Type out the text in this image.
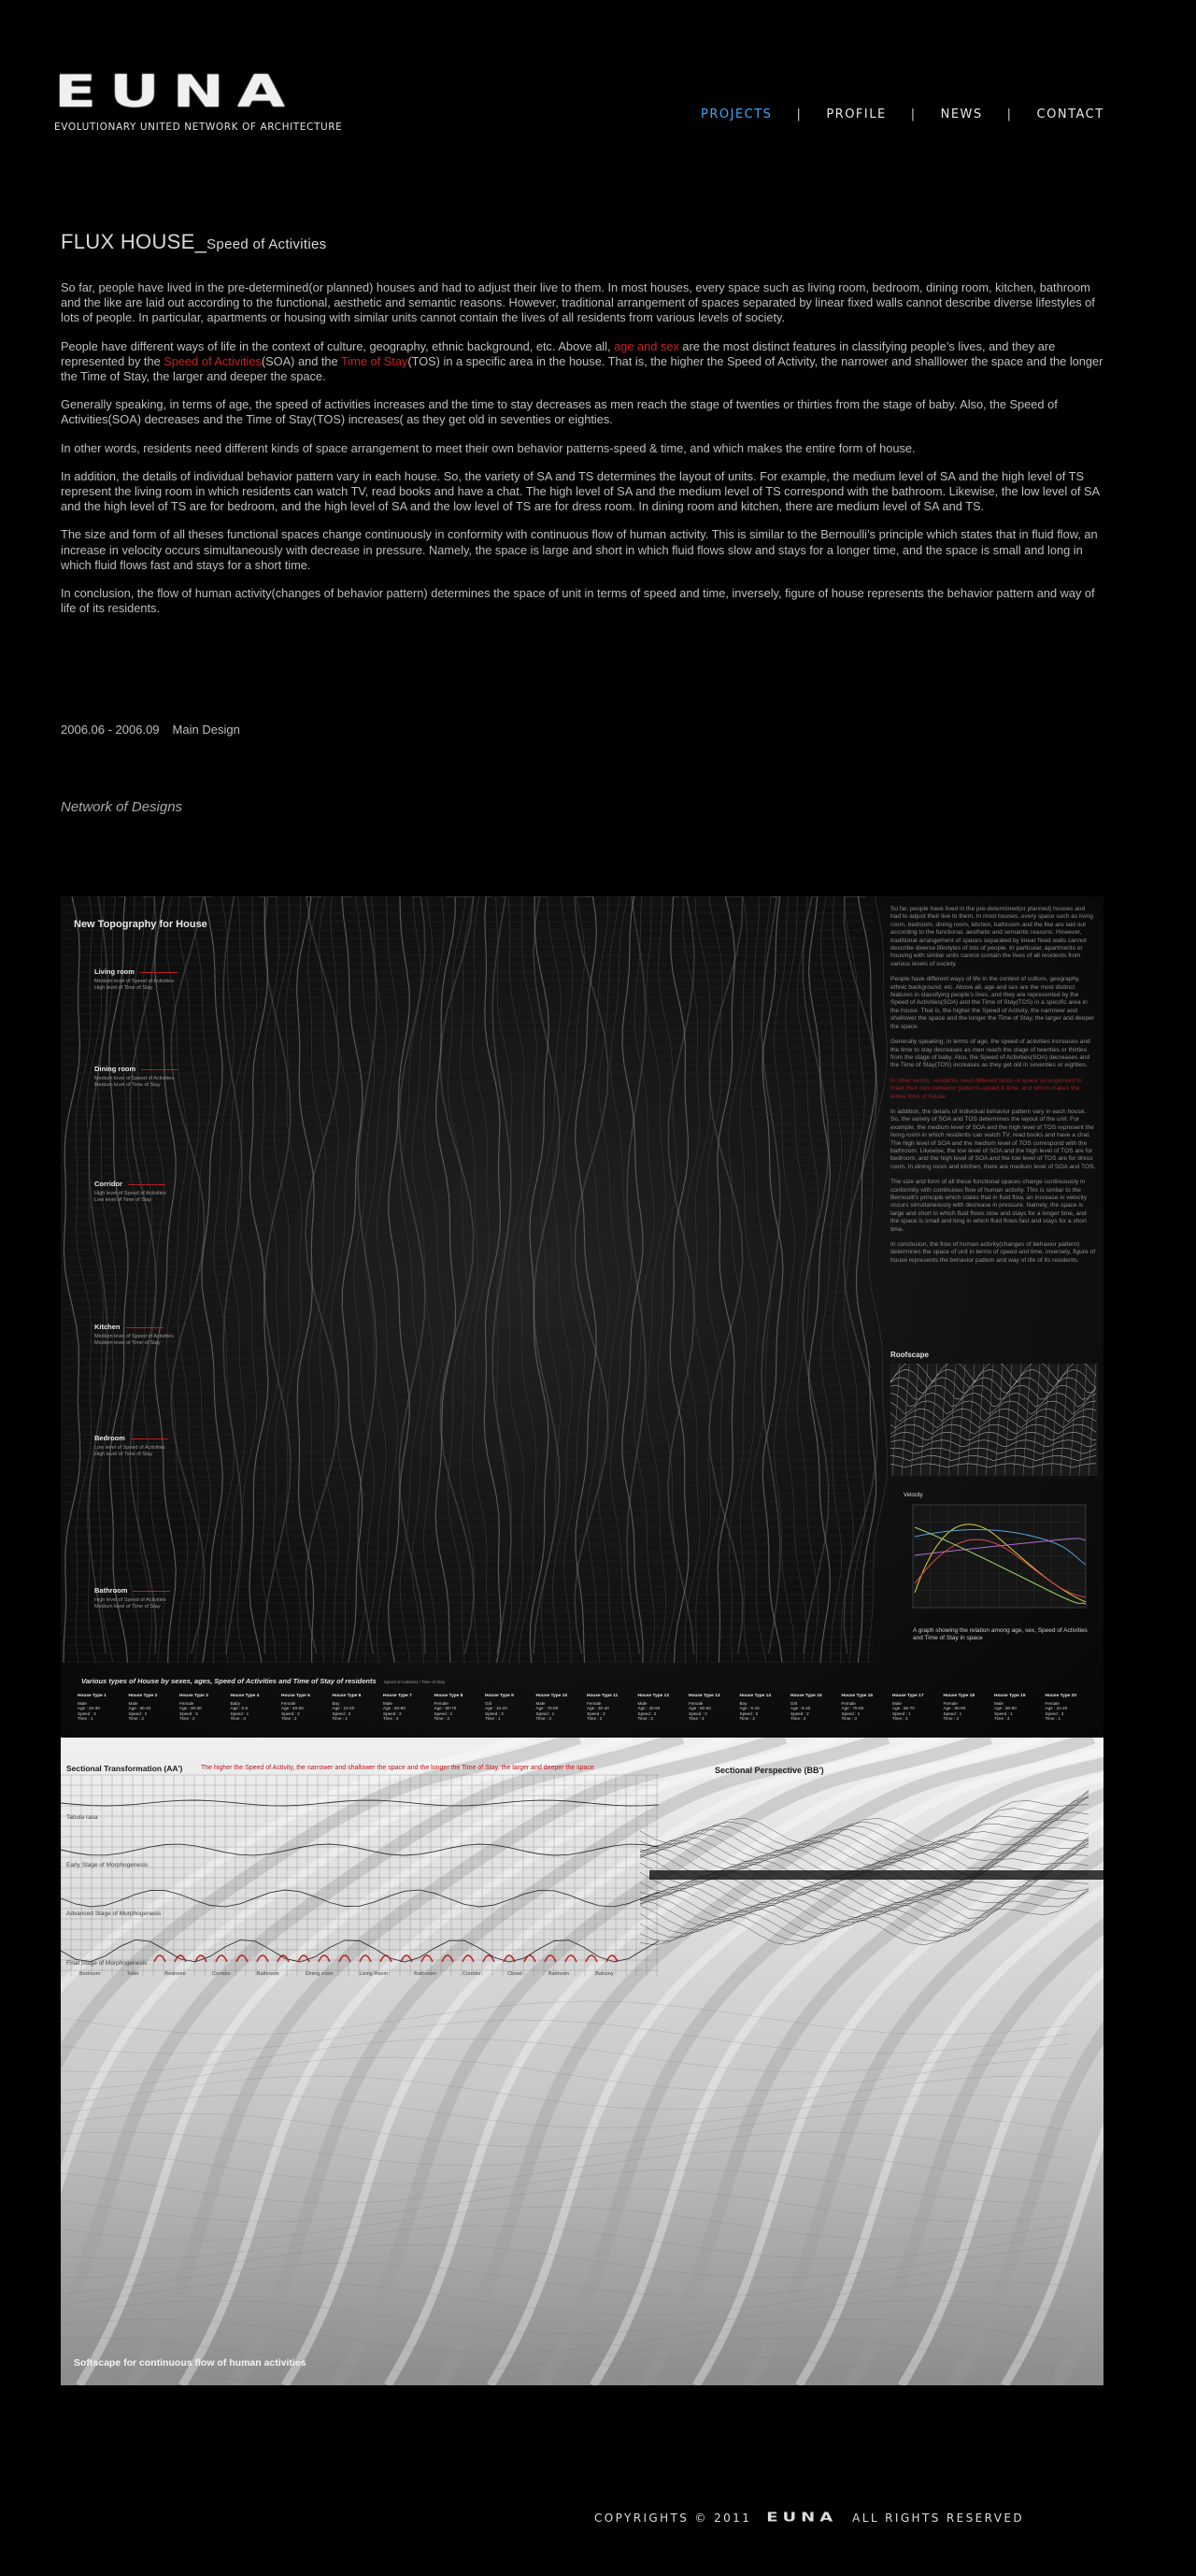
EUNA
EVOLUTIONARY UNITED NETWORK OF ARCHITECTURE
PROJECTS | PROFILE | NEWS | CONTACT
FLUX HOUSE_Speed of Activities

So far, people have lived in the pre-determined(or planned) houses and had to adjust their live to them. In most houses, every space such as living room, bedroom, dining room, kitchen, bathroom and the like are laid out according to the functional, aesthetic and semantic reasons. However, traditional arrangement of spaces separated by linear fixed walls cannot describe diverse lifestyles of lots of people. In particular, apartments or housing with similar units cannot contain the lives of all residents from various levels of society.

People have different ways of life in the context of culture, geography, ethnic background, etc. Above all, age and sex are the most distinct features in classifying people’s lives, and they are represented by the Speed of Activities(SOA) and the Time of Stay(TOS) in a specific area in the house. That is, the higher the Speed of Activity, the narrower and shalllower the space and the longer the Time of Stay, the larger and deeper the space.

Generally speaking, in terms of age, the speed of activities increases and the time to stay decreases as men reach the stage of twenties or thirties from the stage of baby. Also, the Speed of Activities(SOA) decreases and the Time of Stay(TOS) increases( as they get old in seventies or eighties.

In other words, residents need different kinds of space arrangement to meet their own behavior patterns-speed & time, and which makes the entire form of house.

In addition, the details of individual behavior pattern vary in each house. So, the variety of SA and TS determines the layout of units. For example, the medium level of SA and the high level of TS represent the living room in which residents can watch TV, read books and have a chat. The high level of SA and the medium level of TS correspond with the bathroom. Likewise, the low level of SA and the high level of TS are for bedroom, and the high level of SA and the low level of TS are for dress room. In dining room and kitchen, there are medium level of SA and TS.

The size and form of all theses functional spaces change continuously in conformity with continuous flow of human activity. This is similar to the Bernoulli’s principle which states that in fluid flow, an increase in velocity occurs simultaneously with decrease in pressure. Namely, the space is large and short in which fluid flows slow and stays for a longer time, and the space is small and long in which fluid flows fast and stays for a short time.

In conclusion, the flow of human activity(changes of behavior pattern) determines the space of unit in terms of speed and time, inversely, figure of house represents the behavior pattern and way of life of its residents.

2006.06 - 2006.09 Main Design
Network of Designs
New Topography for House
Living room
Medium level of Speed of Activities
High level of Time of Stay
Dining room
Medium level of Speed of Activities
Medium level of Time of Stay
Corridor
High level of Speed of Activities
Low level of Time of Stay
Kitchen
Medium level of Speed of Activities
Medium level of Time of Stay
Bedroom
Low level of Speed of Activities
High level of Time of Stay
Bathroom
High level of Speed of Activities
Medium level of Time of Stay

So far, people have lived in the pre-determined(or planned) houses and had to adjust their live to them. In most houses, every space such as living room, bedroom, dining room, kitchen, bathroom and the like are laid out according to the functional, aesthetic and semantic reasons. However, traditional arrangement of spaces separated by linear fixed walls cannot describe diverse lifestyles of lots of people. In particular, apartments or housing with similar units cannot contain the lives of all residents from various levels of society.

People have different ways of life in the context of culture, geography, ethnic background, etc. Above all, age and sex are the most distinct features in classifying people's lives, and they are represented by the Speed of Activities(SOA) and the Time of Stay(TOS) in a specific area in the house. That is, the higher the Speed of Activity, the narrower and shallower the space and the longer the Time of Stay, the larger and deeper the space.

Generally speaking, in terms of age, the speed of activities increases and the time to stay decreases as men reach the stage of twenties or thirties from the stage of baby. Also, the Speed of Activities(SOA) decreases and the Time of Stay(TOS) increases as they get old in seventies or eighties.

In other words, residents need different kinds of space arrangement to meet their own behavior patterns-speed & time, and which makes the entire form of house.

In addition, the details of individual behavior pattern vary in each house. So, the variety of SOA and TOS determines the layout of the unit. For example, the medium level of SOA and the high level of TOS represent the living room in which residents can watch TV, read books and have a chat. The high level of SOA and the medium level of TOS correspond with the bathroom. Likewise, the low level of SOA and the high level of TOS are for bedroom, and the high level of SOA and the low level of TOS are for dress room. In dining room and kitchen, there are medium level of SOA and TOS.

The size and form of all these functional spaces change continuously in conformity with continuous flow of human activity. This is similar to the Bernoulli's principle which states that in fluid flow, an increase in velocity occurs simultaneously with decrease in pressure. Namely, the space is large and short in which fluid flows slow and stays for a longer time, and the space is small and long in which fluid flows fast and stays for a short time.

In conclusion, the flow of human activity(changes of behavior pattern) determines the space of unit in terms of speed and time, inversely, figure of house represents the behavior pattern and way of life of its residents.

Roofscape
Velocity
A graph showing the relation among age, sex, Speed of Activities and Time of Stay in space
Various types of House by sexes, ages, Speed of Activities and Time of Stay of residents Speed of Activities / Time of Stay
House Type 1
Male
Age : 20-30
Speed : 3
Time : 1
House Type 2
Male
Age : 30-40
Speed : 2
Time : 2
House Type 3
Female
Age : 20-30
Speed : 3
Time : 2
House Type 4
Baby
Age : 0-5
Speed : 1
Time : 3
House Type 5
Female
Age : 40-50
Speed : 2
Time : 2
House Type 6
Boy
Age : 10-20
Speed : 3
Time : 1
House Type 7
Male
Age : 50-60
Speed : 2
Time : 3
House Type 8
Female
Age : 60-70
Speed : 1
Time : 3
House Type 9
Girl
Age : 10-20
Speed : 3
Time : 1
House Type 10
Male
Age : 70-80
Speed : 1
Time : 3
House Type 11
Female
Age : 30-40
Speed : 2
Time : 2
House Type 12
Male
Age : 40-50
Speed : 2
Time : 2
House Type 13
Female
Age : 50-60
Speed : 2
Time : 3
House Type 14
Boy
Age : 5-10
Speed : 2
Time : 2
House Type 15
Girl
Age : 5-10
Speed : 2
Time : 2
House Type 16
Female
Age : 70-80
Speed : 1
Time : 3
House Type 17
Male
Age : 60-70
Speed : 1
Time : 3
House Type 18
Female
Age : 80-90
Speed : 1
Time : 3
House Type 19
Male
Age : 80-90
Speed : 1
Time : 3
House Type 20
Female
Age : 10-20
Speed : 3
Time : 1
Sectional Transformation (AA')	The higher the Speed of Activity, the narrower and shallower the space and the longer the Time of Stay, the larger and deeper the space	Sectional Perspective (BB')
Tabula rasa
Early Stage of Morphogenesis
Advanced Stage of Morphogenesis
Final Stage of Morphogenesis
Bedroom	Toilet	Bedroom	Corridor	Bathroom	Dining room	Living Room	Bathroom	Corridor	Closet	Bedroom	Balcony
Softscape for continuous flow of human activities
COPYRIGHTS © 2011 EUNA ALL RIGHTS RESERVED
